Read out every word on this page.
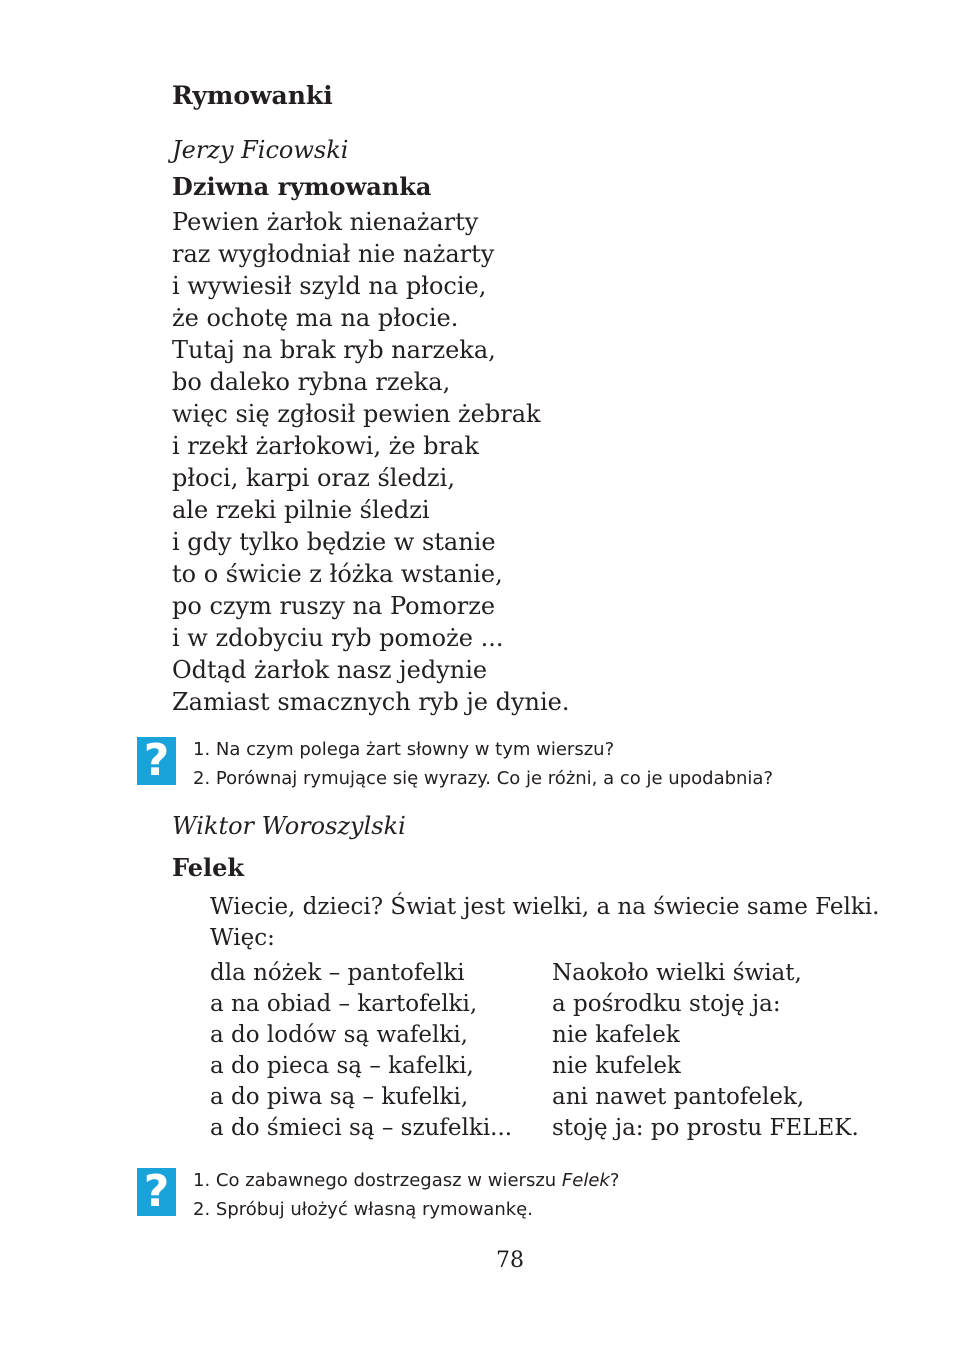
Rymowanki
Jerzy Ficowski
Dziwna rymowanka
Pewien żarłok nienażarty
raz wygłodniał nie nażarty
i wywiesił szyld na płocie,
że ochotę ma na płocie.
Tutaj na brak ryb narzeka,
bo daleko rybna rzeka,
więc się zgłosił pewien żebrak
i rzekł żarłokowi, że brak
płoci, karpi oraz śledzi,
ale rzeki pilnie śledzi
i gdy tylko będzie w stanie
to o świcie z łóżka wstanie,
po czym ruszy na Pomorze
i w zdobyciu ryb pomoże ...
Odtąd żarłok nasz jedynie
Zamiast smacznych ryb je dynie.
?	1. Na czym polega żart słowny w tym wierszu?
2. Porównaj rymujące się wyrazy. Co je różni, a co je upodabnia?
Wiktor Woroszylski
Felek
Wiecie, dzieci? Świat jest wielki, a na świecie same Felki.
Więc:
dla nóżek – pantofelki
a na obiad – kartofelki,
a do lodów są wafelki,
a do pieca są – kafelki,
a do piwa są – kufelki,
a do śmieci są – szufelki...
Naokoło wielki świat,
a pośrodku stoję ja:
nie kafelek
nie kufelek
ani nawet pantofelek,
stoję ja: po prostu FELEK.
?	1. Co zabawnego dostrzegasz w wierszu Felek?
2. Spróbuj ułożyć własną rymowankę.
78
